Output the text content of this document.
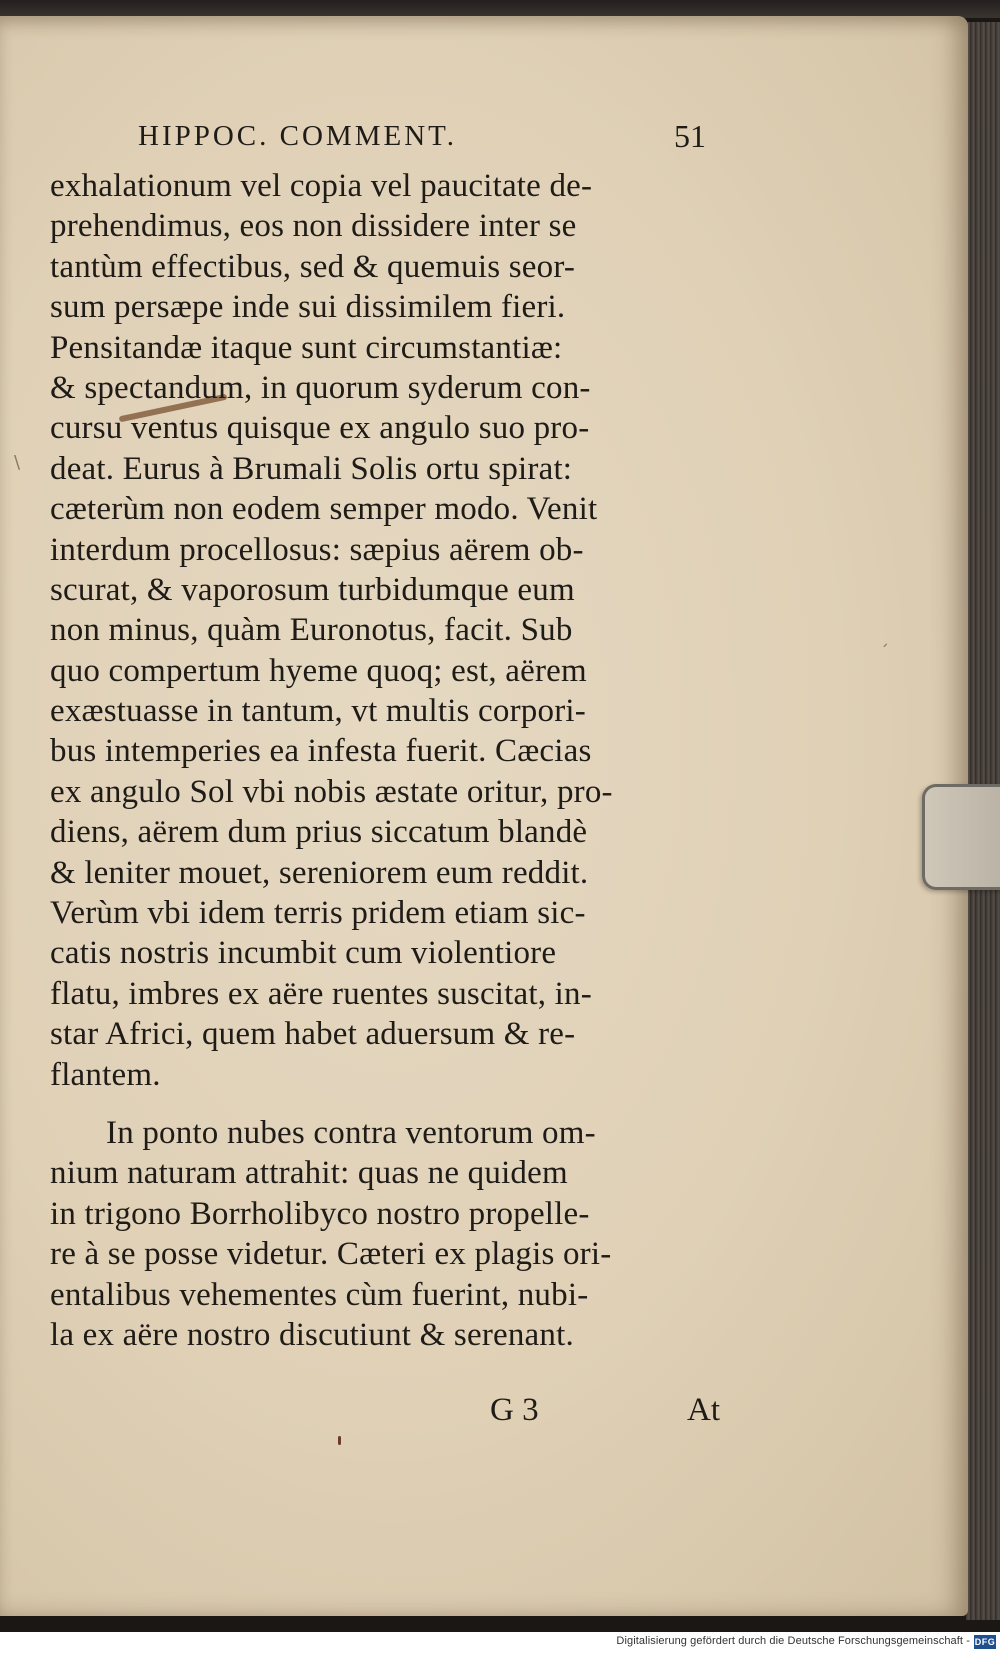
HIPPOC. COMMENT.	51
\
ˊ
exhalationum vel copia vel paucitate de-
prehendimus, eos non dissidere inter se
tantùm effectibus, sed & quemuis seor-
sum persæpe inde sui dissimilem fieri.
Pensitandæ itaque sunt circumstantiæ:
& spectandum, in quorum syderum con-
cursu ventus quisque ex angulo suo pro-
deat. Eurus à Brumali Solis ortu spirat:
cæterùm non eodem semper modo. Venit
interdum procellosus: sæpius aërem ob-
scurat, & vaporosum turbidumque eum
non minus, quàm Euronotus, facit. Sub
quo compertum hyeme quoq; est, aërem
exæstuasse in tantum, vt multis corpori-
bus intemperies ea infesta fuerit. Cæcias
ex angulo Sol vbi nobis æstate oritur, pro-
diens, aërem dum prius siccatum blandè
& leniter mouet, sereniorem eum reddit.
Verùm vbi idem terris pridem etiam sic-
catis nostris incumbit cum violentiore
flatu, imbres ex aëre ruentes suscitat, in-
star Africi, quem habet aduersum & re-
flantem.
In ponto nubes contra ventorum om-
nium naturam attrahit: quas ne quidem
in trigono Borrholibyco nostro propelle-
re à se posse videtur. Cæteri ex plagis ori-
entalibus vehementes cùm fuerint, nubi-
la ex aëre nostro discutiunt & serenant.
G 3	At
Digitalisierung gefördert durch die Deutsche Forschungsgemeinschaft - DFG
